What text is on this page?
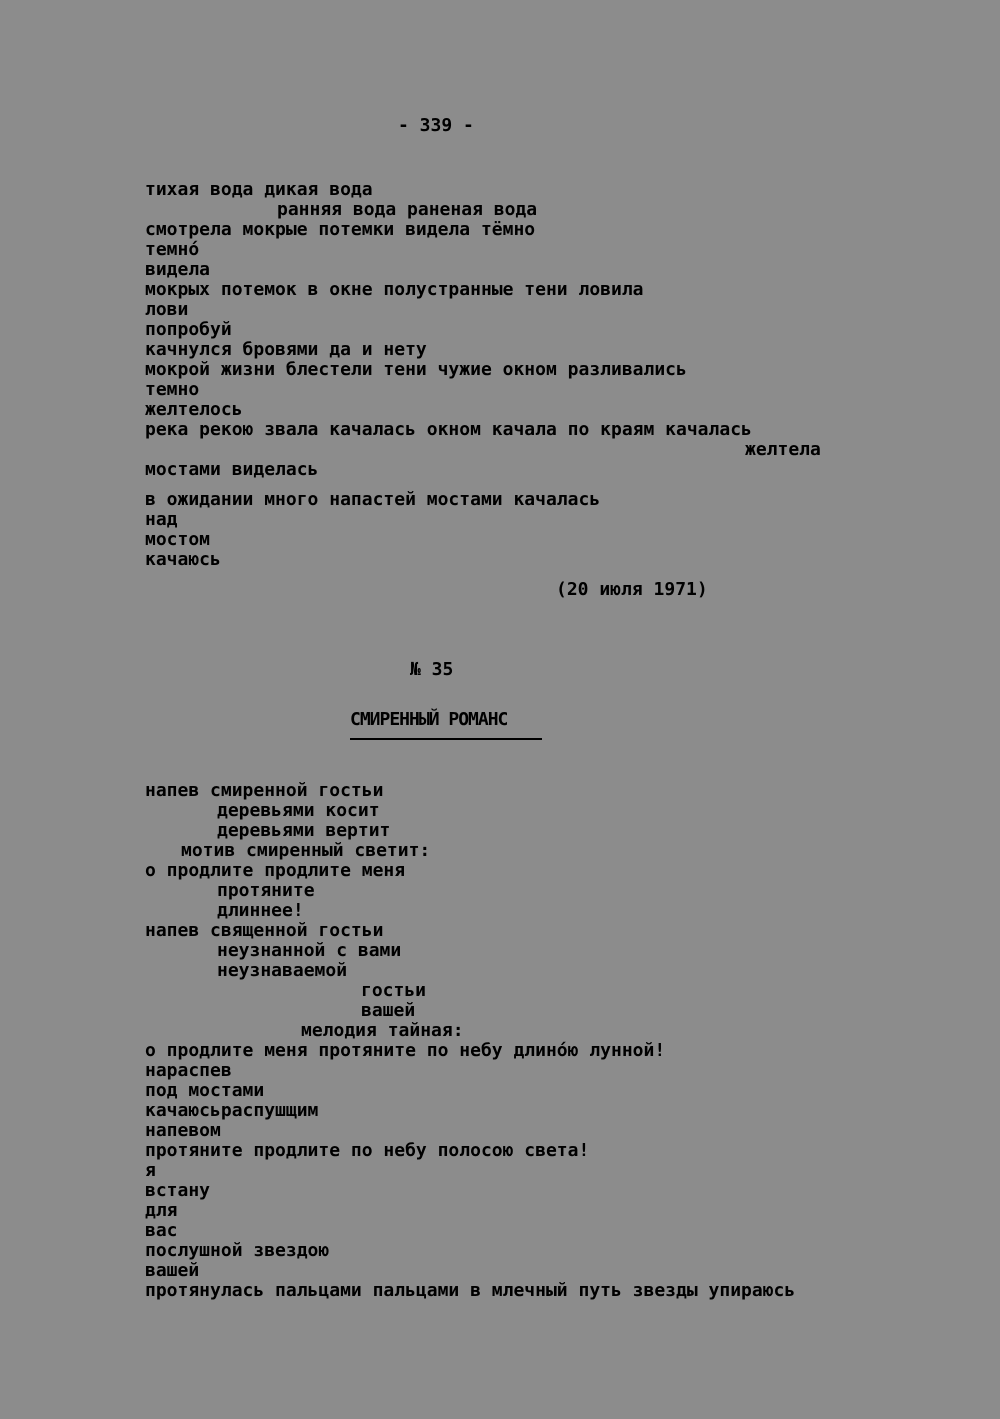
- 339 -
тихая вода дикая вода
ранняя вода раненая вода
смотрела мокрые потемки видела тёмно
темно́
видела
мокрых потемок в окне полустранные тени ловила
лови
попробуй
качнулся бровями да и нету
мокрой жизни блестели тени чужие окном разливались
темно
желтелось
река рекою звала качалась окном качала по краям качалась
желтела
мостами виделась
в ожидании много напастей мостами качалась
над
мостом
качаюсь
(20 июля 1971)
№ 35
СМИРЕННЫЙ РОМАНС
напев смиренной гостьи
деревьями косит
деревьями вертит
мотив смиренный светит:
о продлите продлите меня
протяните
длиннее!
напев священной гостьи
неузнанной с вами
неузнаваемой
гостьи
вашей
мелодия тайная:
о продлите меня протяните по небу длино́ю лунной!
нараспев
под мостами
качаюсьраспушщим
напевом
протяните продлите по небу полосою света!
я
встану
для
вас
послушной звездою
вашей
протянулась пальцами пальцами в млечный путь звезды упираюсь
